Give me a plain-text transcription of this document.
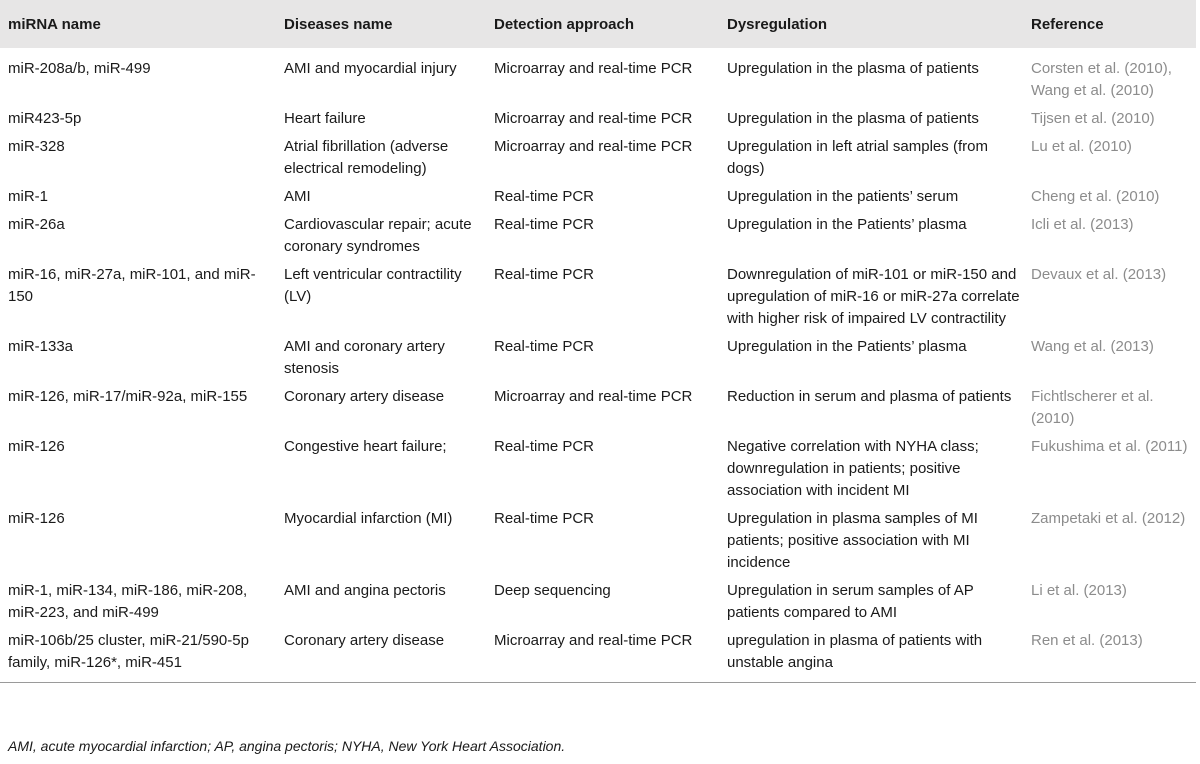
miRNA name	Diseases name	Detection approach	Dysregulation	Reference
miR-208a/b, miR-499	AMI and myocardial injury	Microarray and real-time PCR	Upregulation in the plasma of patients	Corsten et al. (2010), Wang et al. (2010)
miR423-5p	Heart failure	Microarray and real-time PCR	Upregulation in the plasma of patients	Tijsen et al. (2010)
miR-328	Atrial fibrillation (adverse electrical remodeling)	Microarray and real-time PCR	Upregulation in left atrial samples (from dogs)	Lu et al. (2010)
miR-1	AMI	Real-time PCR	Upregulation in the patients’ serum	Cheng et al. (2010)
miR-26a	Cardiovascular repair; acute coronary syndromes	Real-time PCR	Upregulation in the Patients’ plasma	Icli et al. (2013)
miR-16, miR-27a, miR-101, and miR-150	Left ventricular contractility (LV)	Real-time PCR	Downregulation of miR-101 or miR-150 and upregulation of miR-16 or miR-27a correlate with higher risk of impaired LV contractility	Devaux et al. (2013)
miR-133a	AMI and coronary artery stenosis	Real-time PCR	Upregulation in the Patients’ plasma	Wang et al. (2013)
miR-126, miR-17/miR-92a, miR-155	Coronary artery disease	Microarray and real-time PCR	Reduction in serum and plasma of patients	Fichtlscherer et al. (2010)
miR-126	Congestive heart failure;	Real-time PCR	Negative correlation with NYHA class; downregulation in patients; positive association with incident MI	Fukushima et al. (2011)
miR-126	Myocardial infarction (MI)	Real-time PCR	Upregulation in plasma samples of MI patients; positive association with MI incidence	Zampetaki et al. (2012)
miR-1, miR-134, miR-186, miR-208, miR-223, and miR-499	AMI and angina pectoris	Deep sequencing	Upregulation in serum samples of AP patients compared to AMI	Li et al. (2013)
miR-106b/25 cluster, miR-21/590-5p family, miR-126*, miR-451	Coronary artery disease	Microarray and real-time PCR	upregulation in plasma of patients with unstable angina	Ren et al. (2013)
AMI, acute myocardial infarction; AP, angina pectoris; NYHA, New York Heart Association.
